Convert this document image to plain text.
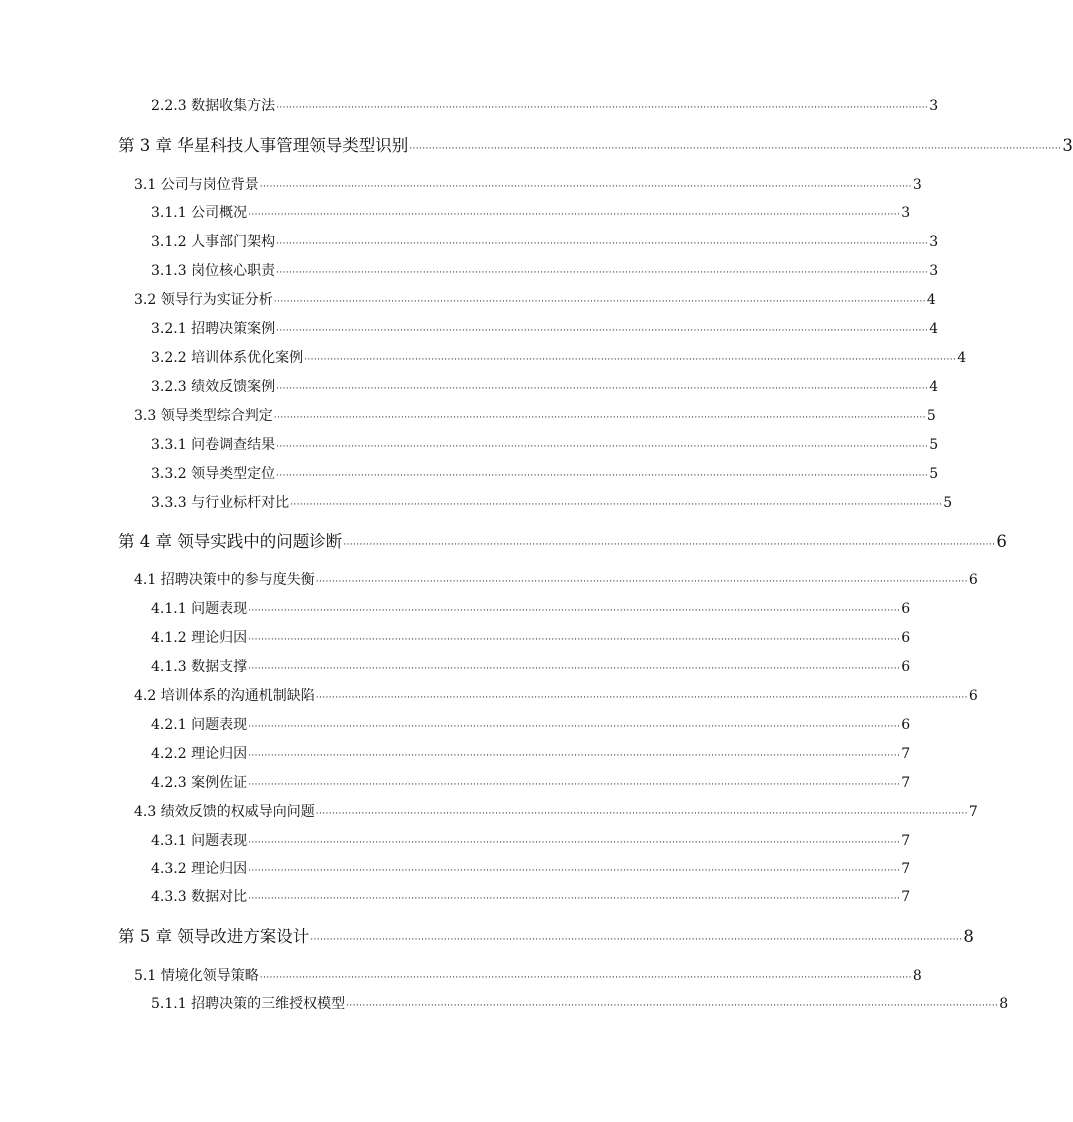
2.2.3 数据收集方法 ········································································································································································································ 3
第 3 章 华星科技人事管理领导类型识别 ········································································································································································································ 3
3.1 公司与岗位背景 ········································································································································································································ 3
3.1.1 公司概况 ········································································································································································································ 3
3.1.2 人事部门架构 ········································································································································································································ 3
3.1.3 岗位核心职责 ········································································································································································································ 3
3.2 领导行为实证分析 ········································································································································································································ 4
3.2.1 招聘决策案例 ········································································································································································································ 4
3.2.2 培训体系优化案例 ········································································································································································································ 4
3.2.3 绩效反馈案例 ········································································································································································································ 4
3.3 领导类型综合判定 ········································································································································································································ 5
3.3.1 问卷调查结果 ········································································································································································································ 5
3.3.2 领导类型定位 ········································································································································································································ 5
3.3.3 与行业标杆对比 ········································································································································································································ 5
第 4 章 领导实践中的问题诊断 ········································································································································································································ 6
4.1 招聘决策中的参与度失衡 ········································································································································································································ 6
4.1.1 问题表现 ········································································································································································································ 6
4.1.2 理论归因 ········································································································································································································ 6
4.1.3 数据支撑 ········································································································································································································ 6
4.2 培训体系的沟通机制缺陷 ········································································································································································································ 6
4.2.1 问题表现 ········································································································································································································ 6
4.2.2 理论归因 ········································································································································································································ 7
4.2.3 案例佐证 ········································································································································································································ 7
4.3 绩效反馈的权威导向问题 ········································································································································································································ 7
4.3.1 问题表现 ········································································································································································································ 7
4.3.2 理论归因 ········································································································································································································ 7
4.3.3 数据对比 ········································································································································································································ 7
第 5 章 领导改进方案设计 ········································································································································································································ 8
5.1 情境化领导策略 ········································································································································································································ 8
5.1.1 招聘决策的三维授权模型 ········································································································································································································ 8
